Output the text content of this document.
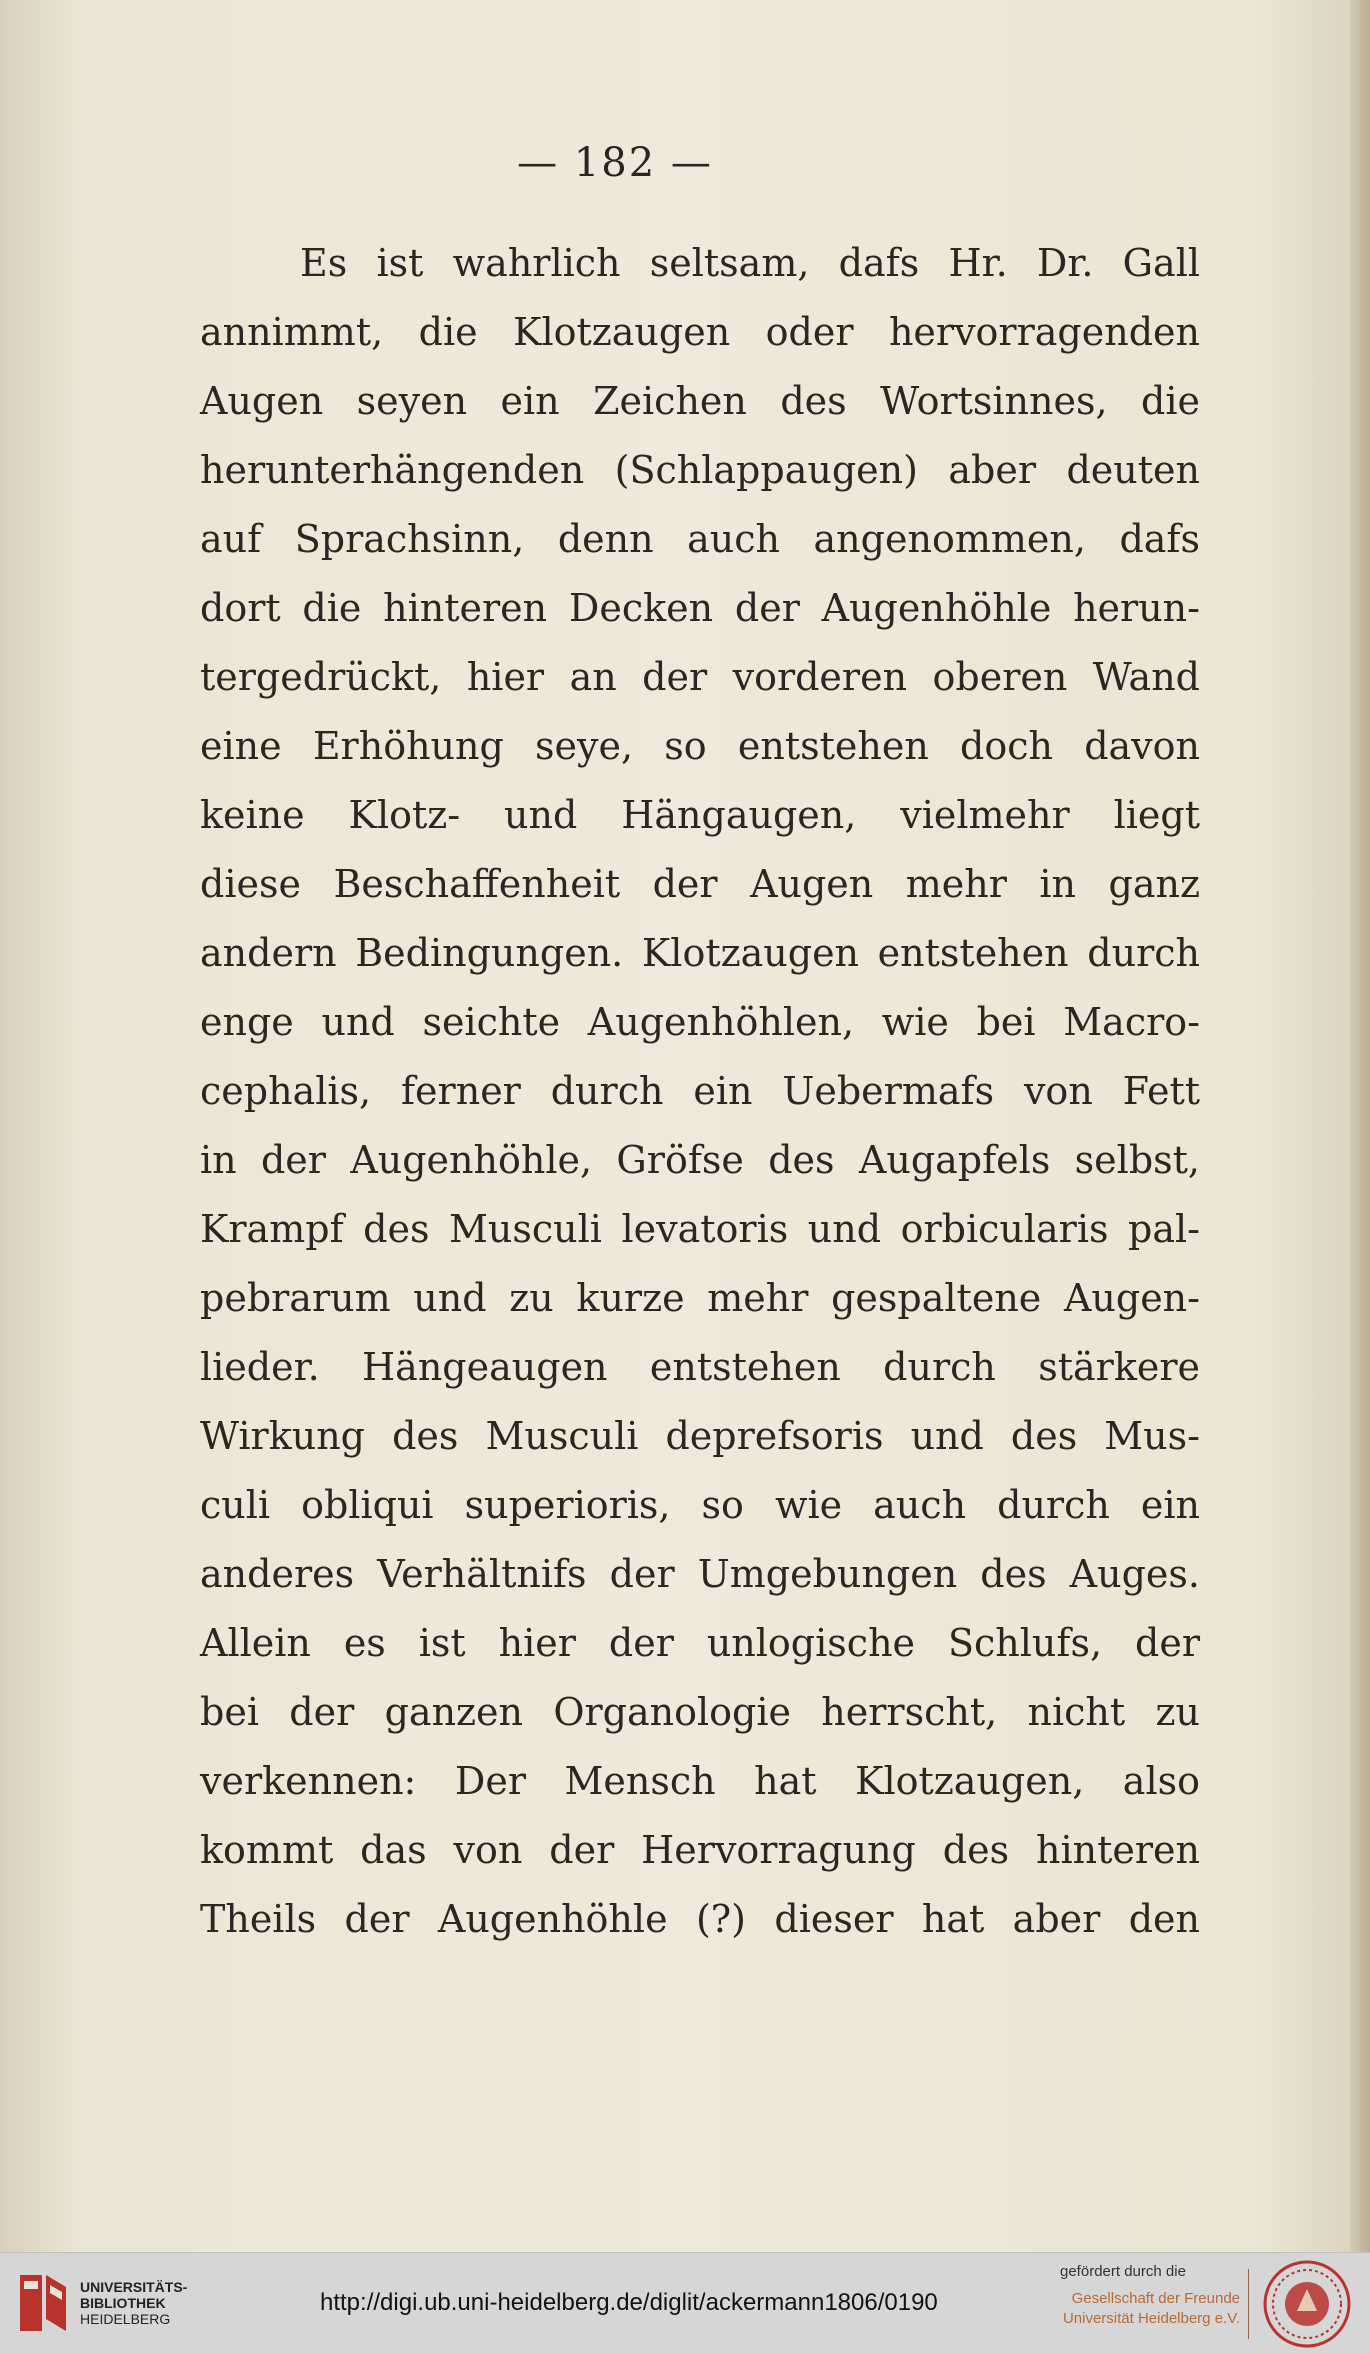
— 182 —
Es ist wahrlich seltsam, dafs Hr. Dr. Gall
annimmt, die Klotzaugen oder hervorragenden
Augen seyen ein Zeichen des Wortsinnes, die
herunterhängenden (Schlappaugen) aber deuten
auf Sprachsinn, denn auch angenommen, dafs
dort die hinteren Decken der Augenhöhle herun-
tergedrückt, hier an der vorderen oberen Wand
eine Erhöhung seye, so entstehen doch davon
keine Klotz- und Hängaugen, vielmehr liegt
diese Beschaffenheit der Augen mehr in ganz
andern Bedingungen. Klotzaugen entstehen durch
enge und seichte Augenhöhlen, wie bei Macro-
cephalis, ferner durch ein Uebermafs von Fett
in der Augenhöhle, Gröfse des Augapfels selbst,
Krampf des Musculi levatoris und orbicularis pal-
pebrarum und zu kurze mehr gespaltene Augen-
lieder. Hängeaugen entstehen durch stärkere
Wirkung des Musculi deprefsoris und des Mus-
culi obliqui superioris, so wie auch durch ein
anderes Verhältnifs der Umgebungen des Auges.
Allein es ist hier der unlogische Schlufs, der
bei der ganzen Organologie herrscht, nicht zu
verkennen: Der Mensch hat Klotzaugen, also
kommt das von der Hervorragung des hinteren
Theils der Augenhöhle (?) dieser hat aber den
UNIVERSITÄTS-
BIBLIOTHEK
HEIDELBERG
http://digi.ub.uni-heidelberg.de/diglit/ackermann1806/0190
gefördert durch die
Gesellschaft der Freunde
Universität Heidelberg e.V.
